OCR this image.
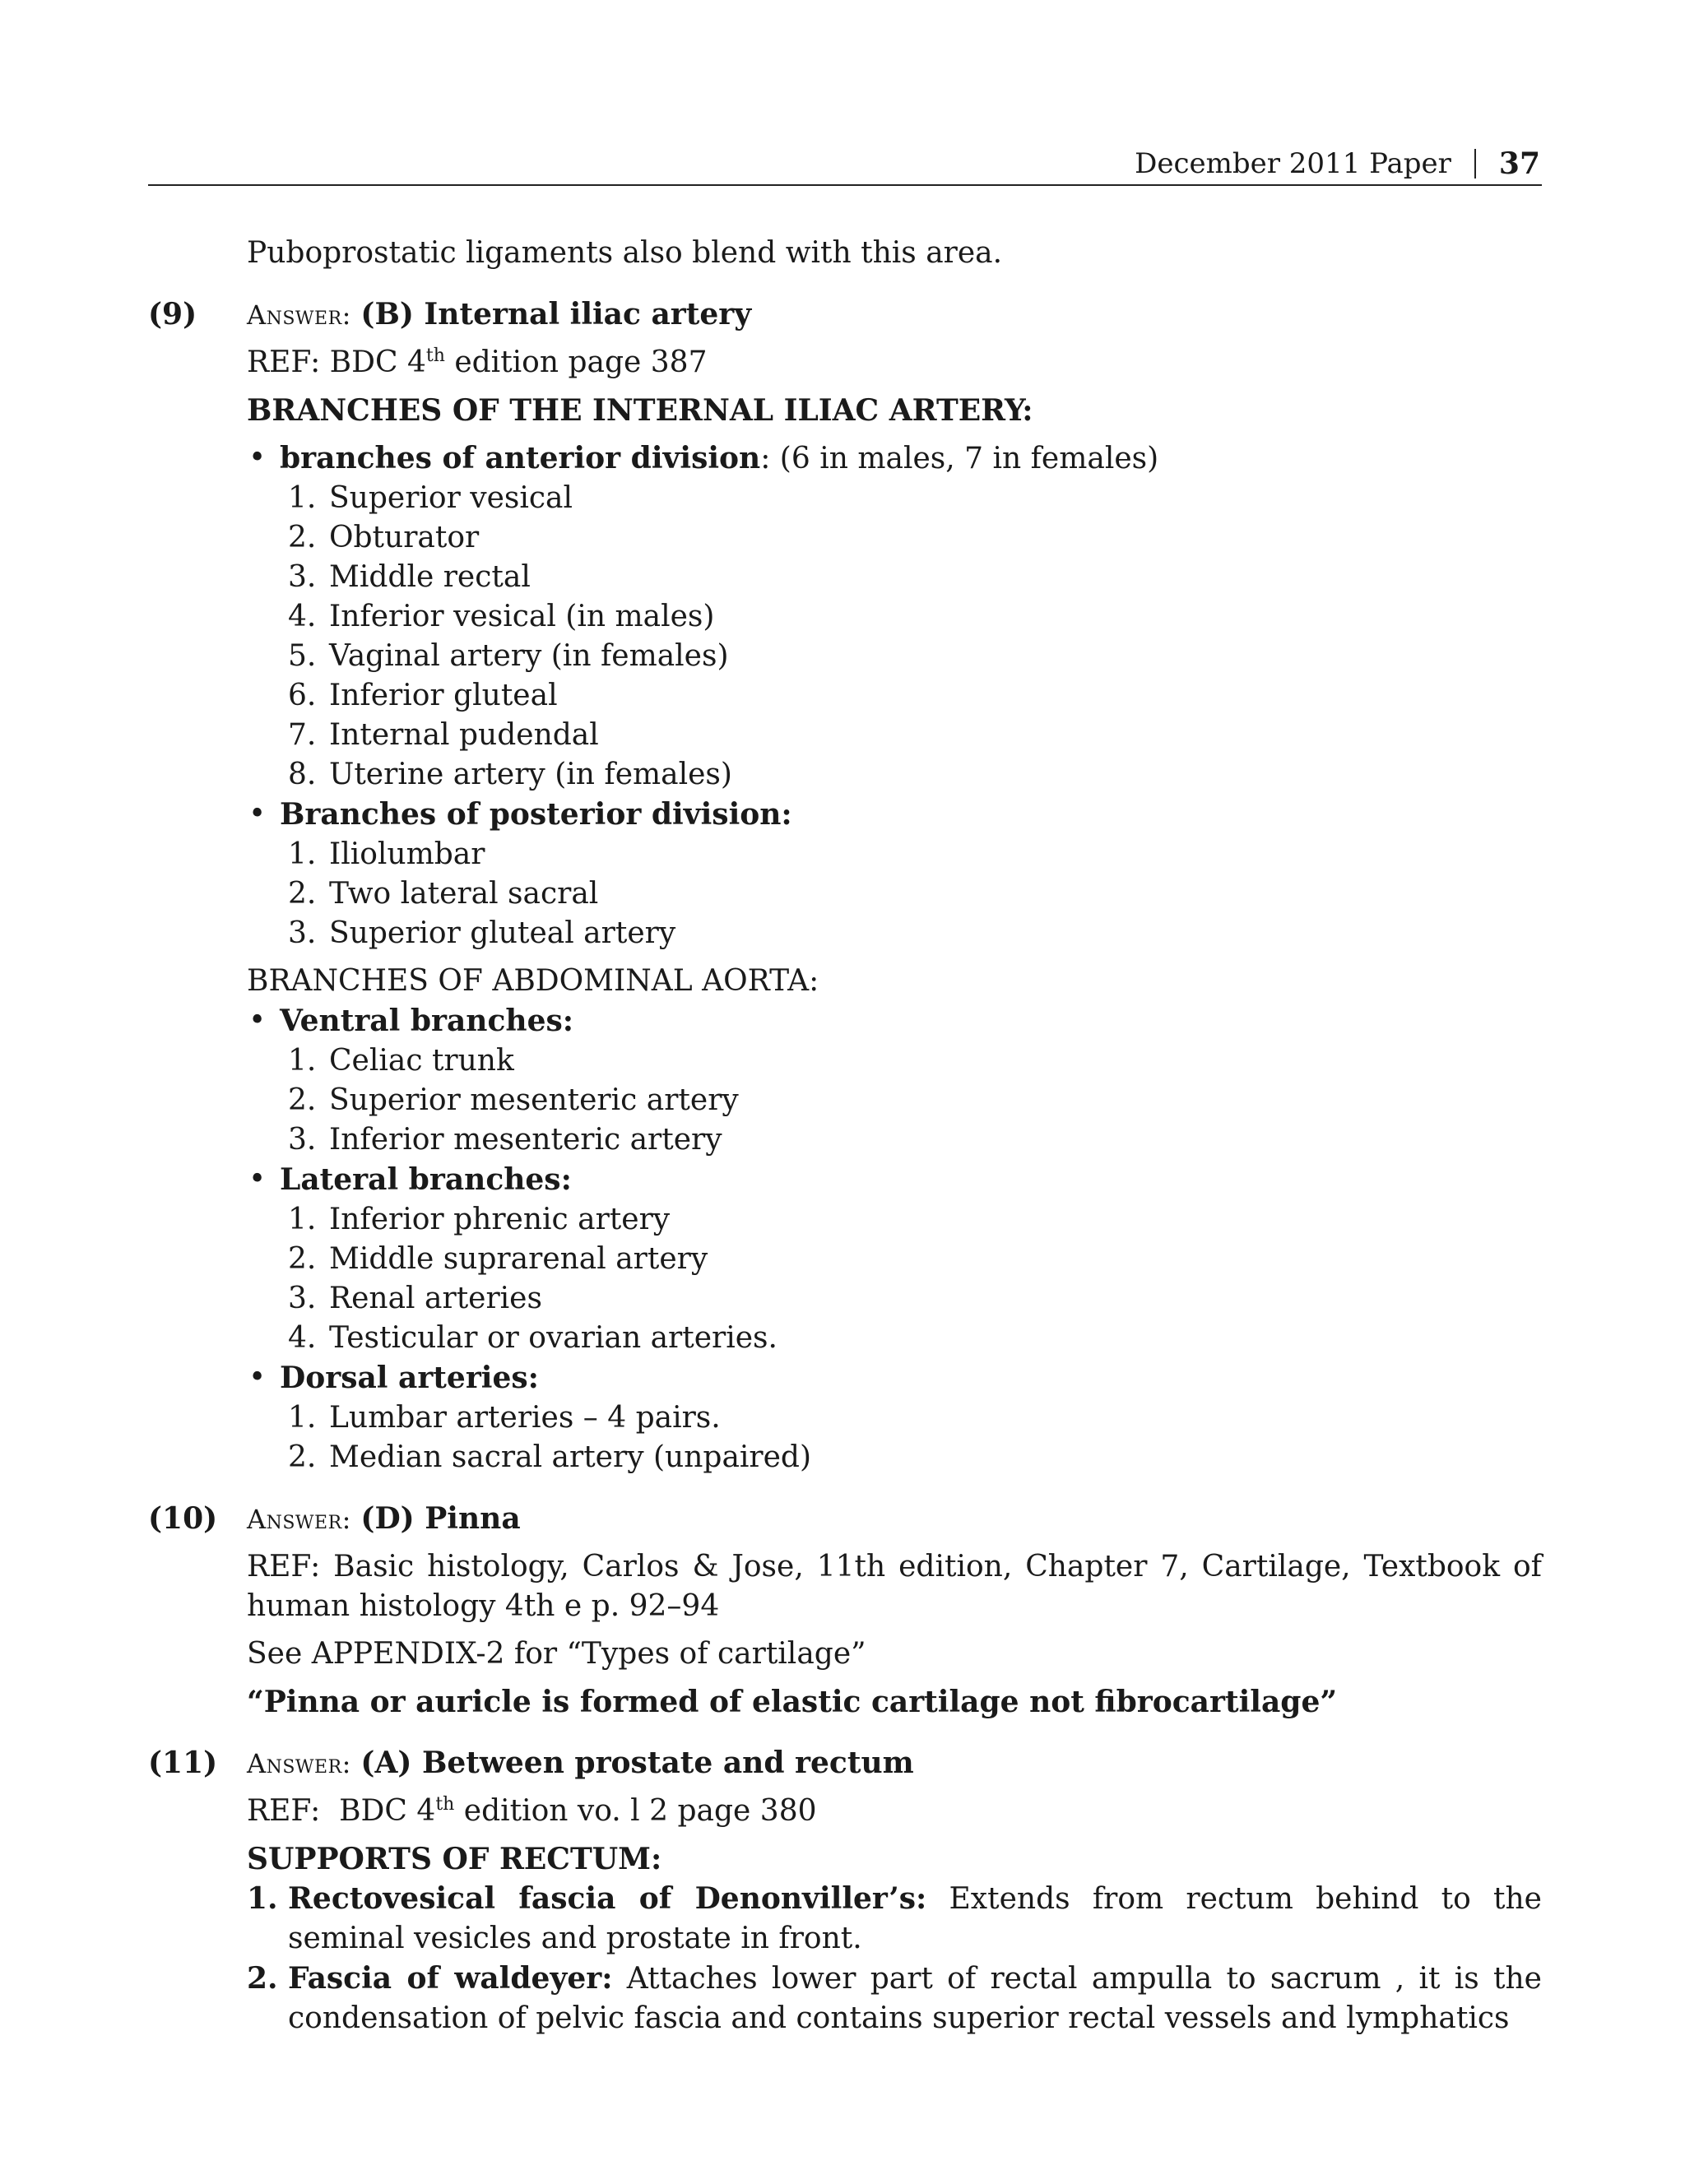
December 2011 Paper 37
Puboprostatic ligaments also blend with this area.
(9) Answer: (B) Internal iliac artery
REF: BDC 4th edition page 387
BRANCHES OF THE INTERNAL ILIAC ARTERY:
• branches of anterior division: (6 in males, 7 in females)
1. Superior vesical
2. Obturator
3. Middle rectal
4. Inferior vesical (in males)
5. Vaginal artery (in females)
6. Inferior gluteal
7. Internal pudendal
8. Uterine artery (in females)
• Branches of posterior division:
1. Iliolumbar
2. Two lateral sacral
3. Superior gluteal artery
BRANCHES OF ABDOMINAL AORTA:
• Ventral branches:
1. Celiac trunk
2. Superior mesenteric artery
3. Inferior mesenteric artery
• Lateral branches:
1. Inferior phrenic artery
2. Middle suprarenal artery
3. Renal arteries
4. Testicular or ovarian arteries.
• Dorsal arteries:
1. Lumbar arteries – 4 pairs.
2. Median sacral artery (unpaired)
(10) Answer: (D) Pinna
REF: Basic histology, Carlos & Jose, 11th edition, Chapter 7, Cartilage, Textbook of human histology 4th e p. 92–94
See APPENDIX-2 for “Types of cartilage”
“Pinna or auricle is formed of elastic cartilage not fibrocartilage”
(11) Answer: (A) Between prostate and rectum
REF:  BDC 4th edition vo. l 2 page 380
SUPPORTS OF RECTUM:
1. Rectovesical fascia of Denonviller’s: Extends from rectum behind to the seminal vesicles and prostate in front.
2. Fascia of waldeyer: Attaches lower part of rectal ampulla to sacrum , it is the condensation of pelvic fascia and contains superior rectal vessels and lymphatics
